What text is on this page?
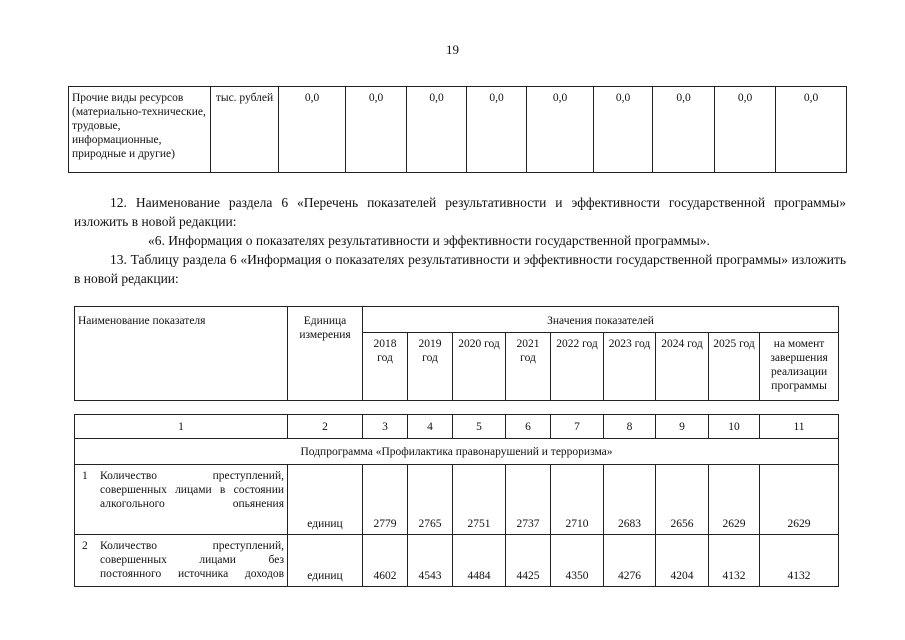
19
Прочие виды ресурсов (материально-технические, трудовые, информационные, природные и другие)	тыс. рублей	0,0	0,0	0,0	0,0	0,0	0,0	0,0	0,0	0,0
12. Наименование раздела 6 «Перечень показателей результативности и эффективности государственной программы» изложить в новой редакции:
«6. Информация о показателях результативности и эффективности государственной программы».
13. Таблицу раздела 6 «Информация о показателях результативности и эффективности государственной программы» изложить в новой редакции:
Наименование показателя	Единица измерения	Значения показателей								
		2018 год	2019 год	2020 год	2021 год	2022 год	2023 год	2024 год	2025 год	на момент завершения реализации программы
1	2	3	4	5	6	7	8	9	10	11
Подпрограмма «Профилактика правонарушений и терроризма»										

1 Количество преступлений, совершенных лицами в состоянии алкогольного опьянения	единиц	2779	2765	2751	2737	2710	2683	2656	2629	2629

2 Количество преступлений, совершенных лицами без постоянного источника доходов	единиц	4602	4543	4484	4425	4350	4276	4204	4132	4132
